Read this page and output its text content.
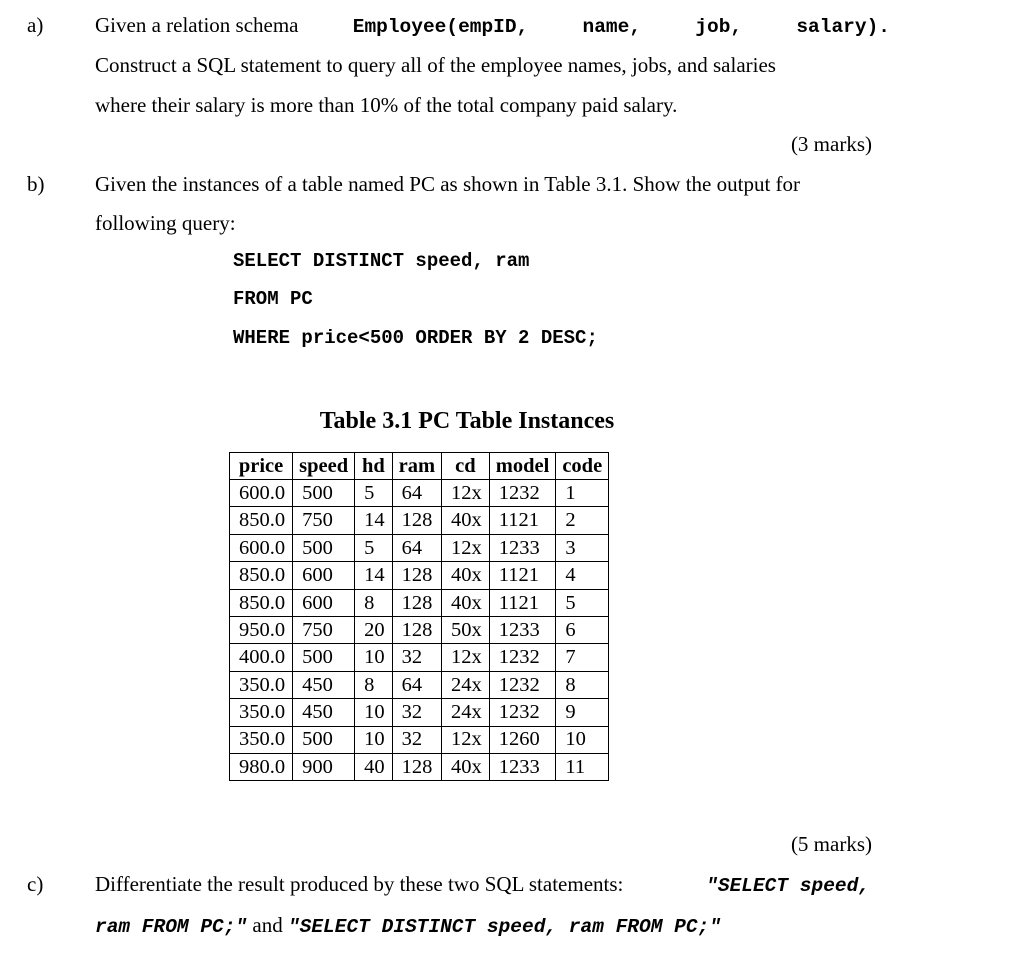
a) Given a relation schema	Employee(empID,	name,	job,	salary).
Construct a SQL statement to query all of the employee names, jobs, and salaries
where their salary is more than 10% of the total company paid salary.
(3 marks)
b) Given the instances of a table named PC as shown in Table 3.1. Show the output for
following query:
SELECT DISTINCT speed, ram
FROM PC
WHERE price<500 ORDER BY 2 DESC;
Table 3.1 PC Table Instances
price	speed	hd	ram	cd	model	code
600.0	500	5	64	12x	1232	1
850.0	750	14	128	40x	1121	2
600.0	500	5	64	12x	1233	3
850.0	600	14	128	40x	1121	4
850.0	600	8	128	40x	1121	5
950.0	750	20	128	50x	1233	6
400.0	500	10	32	12x	1232	7
350.0	450	8	64	24x	1232	8
350.0	450	10	32	24x	1232	9
350.0	500	10	32	12x	1260	10
980.0	900	40	128	40x	1233	11
(5 marks)
c) Differentiate the result produced by these two SQL statements:	"SELECT speed,
ram FROM PC;" and "SELECT DISTINCT speed, ram FROM PC;"
